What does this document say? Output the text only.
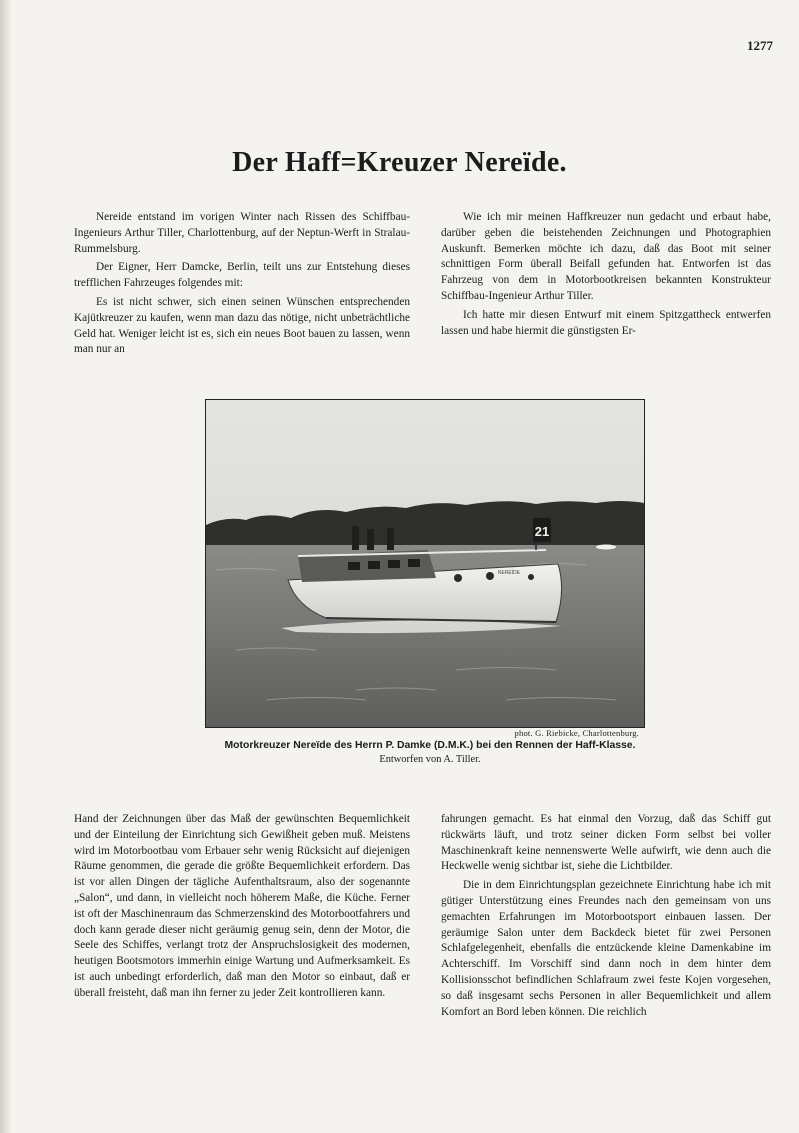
1277
Der Haff=Kreuzer Nereïde.

Nereide entstand im vorigen Winter nach Rissen des Schiffbau-Ingenieurs Arthur Tiller, Charlottenburg, auf der Neptun-Werft in Stralau-Rummelsburg.

Der Eigner, Herr Damcke, Berlin, teilt uns zur Entstehung dieses trefflichen Fahrzeuges folgendes mit:

Es ist nicht schwer, sich einen seinen Wünschen entsprechenden Kajütkreuzer zu kaufen, wenn man dazu das nötige, nicht unbeträchtliche Geld hat. Weniger leicht ist es, sich ein neues Boot bauen zu lassen, wenn man nur an

Wie ich mir meinen Haffkreuzer nun gedacht und erbaut habe, darüber geben die beistehenden Zeichnungen und Photographien Auskunft. Bemerken möchte ich dazu, daß das Boot mit seiner schnittigen Form überall Beifall gefunden hat. Entworfen ist das Fahrzeug von dem in Motorbootkreisen bekannten Konstrukteur Schiffbau-Ingenieur Arthur Tiller.

Ich hatte mir diesen Entwurf mit einem Spitzgattheck entwerfen lassen und habe hiermit die günstigsten Er-

21
NEREÏDE
phot. G. Riebicke, Charlottenburg.
Motorkreuzer Nereïde des Herrn P. Damke (D.M.K.) bei den Rennen der Haff-Klasse.
Entworfen von A. Tiller.

Hand der Zeichnungen über das Maß der gewünschten Bequemlichkeit und der Einteilung der Einrichtung sich Gewißheit geben muß. Meistens wird im Motorbootbau vom Erbauer sehr wenig Rücksicht auf diejenigen Räume genommen, die gerade die größte Bequemlichkeit erfordern. Das ist vor allen Dingen der tägliche Aufenthaltsraum, also der sogenannte „Salon“, und dann, in vielleicht noch höherem Maße, die Küche. Ferner ist oft der Maschinenraum das Schmerzenskind des Motorbootfahrers und doch kann gerade dieser nicht geräumig genug sein, denn der Motor, die Seele des Schiffes, verlangt trotz der Anspruchslosigkeit des modernen, heutigen Bootsmotors immerhin einige Wartung und Aufmerksamkeit. Es ist auch unbedingt erforderlich, daß man den Motor so einbaut, daß er überall freisteht, daß man ihn ferner zu jeder Zeit kontrollieren kann.

fahrungen gemacht. Es hat einmal den Vorzug, daß das Schiff gut rückwärts läuft, und trotz seiner dicken Form selbst bei voller Maschinenkraft keine nennenswerte Welle aufwirft, wie denn auch die Heckwelle wenig sichtbar ist, siehe die Lichtbilder.

Die in dem Einrichtungsplan gezeichnete Einrichtung habe ich mit gütiger Unterstützung eines Freundes nach den gemeinsam von uns gemachten Erfahrungen im Motorbootsport einbauen lassen. Der geräumige Salon unter dem Backdeck bietet für zwei Personen Schlafgelegenheit, ebenfalls die entzückende kleine Damenkabine im Achterschiff. Im Vorschiff sind dann noch in dem hinter dem Kollisionsschot befindlichen Schlafraum zwei feste Kojen vorgesehen, so daß insgesamt sechs Personen in aller Bequemlichkeit und allem Komfort an Bord leben können. Die reichlich
